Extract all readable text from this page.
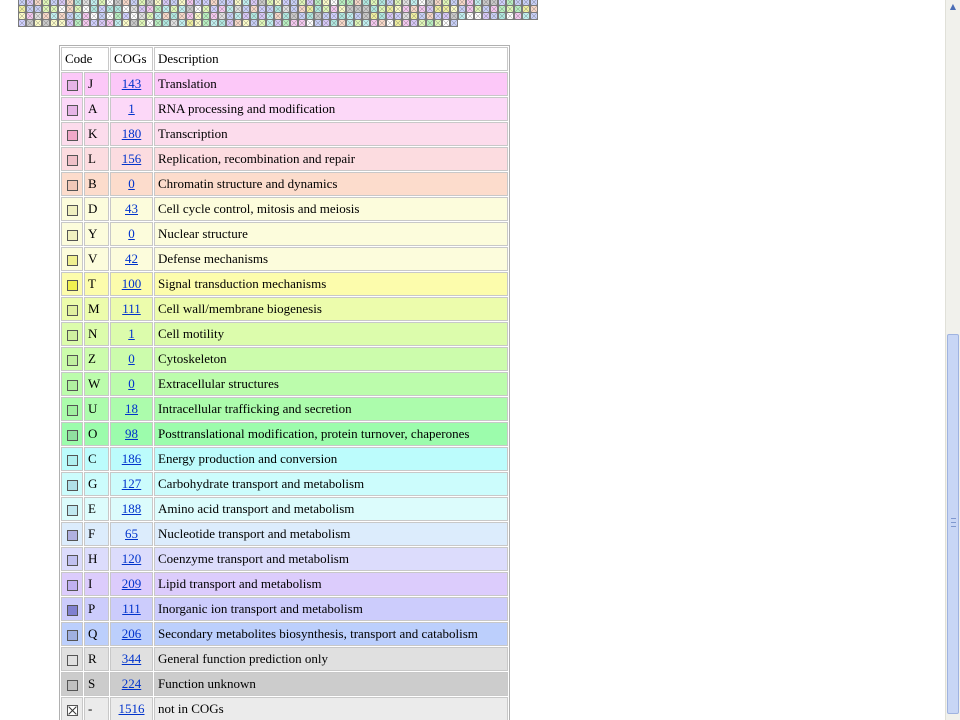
Code		COGs	Description
	J	143	Translation
	A	1	RNA processing and modification
	K	180	Transcription
	L	156	Replication, recombination and repair
	B	0	Chromatin structure and dynamics
	D	43	Cell cycle control, mitosis and meiosis
	Y	0	Nuclear structure
	V	42	Defense mechanisms
	T	100	Signal transduction mechanisms
	M	111	Cell wall/membrane biogenesis
	N	1	Cell motility
	Z	0	Cytoskeleton
	W	0	Extracellular structures
	U	18	Intracellular trafficking and secretion
	O	98	Posttranslational modification, protein turnover, chaperones
	C	186	Energy production and conversion
	G	127	Carbohydrate transport and metabolism
	E	188	Amino acid transport and metabolism
	F	65	Nucleotide transport and metabolism
	H	120	Coenzyme transport and metabolism
	I	209	Lipid transport and metabolism
	P	111	Inorganic ion transport and metabolism
	Q	206	Secondary metabolites biosynthesis, transport and catabolism
	R	344	General function prediction only
	S	224	Function unknown
	-	1516	not in COGs
▲
